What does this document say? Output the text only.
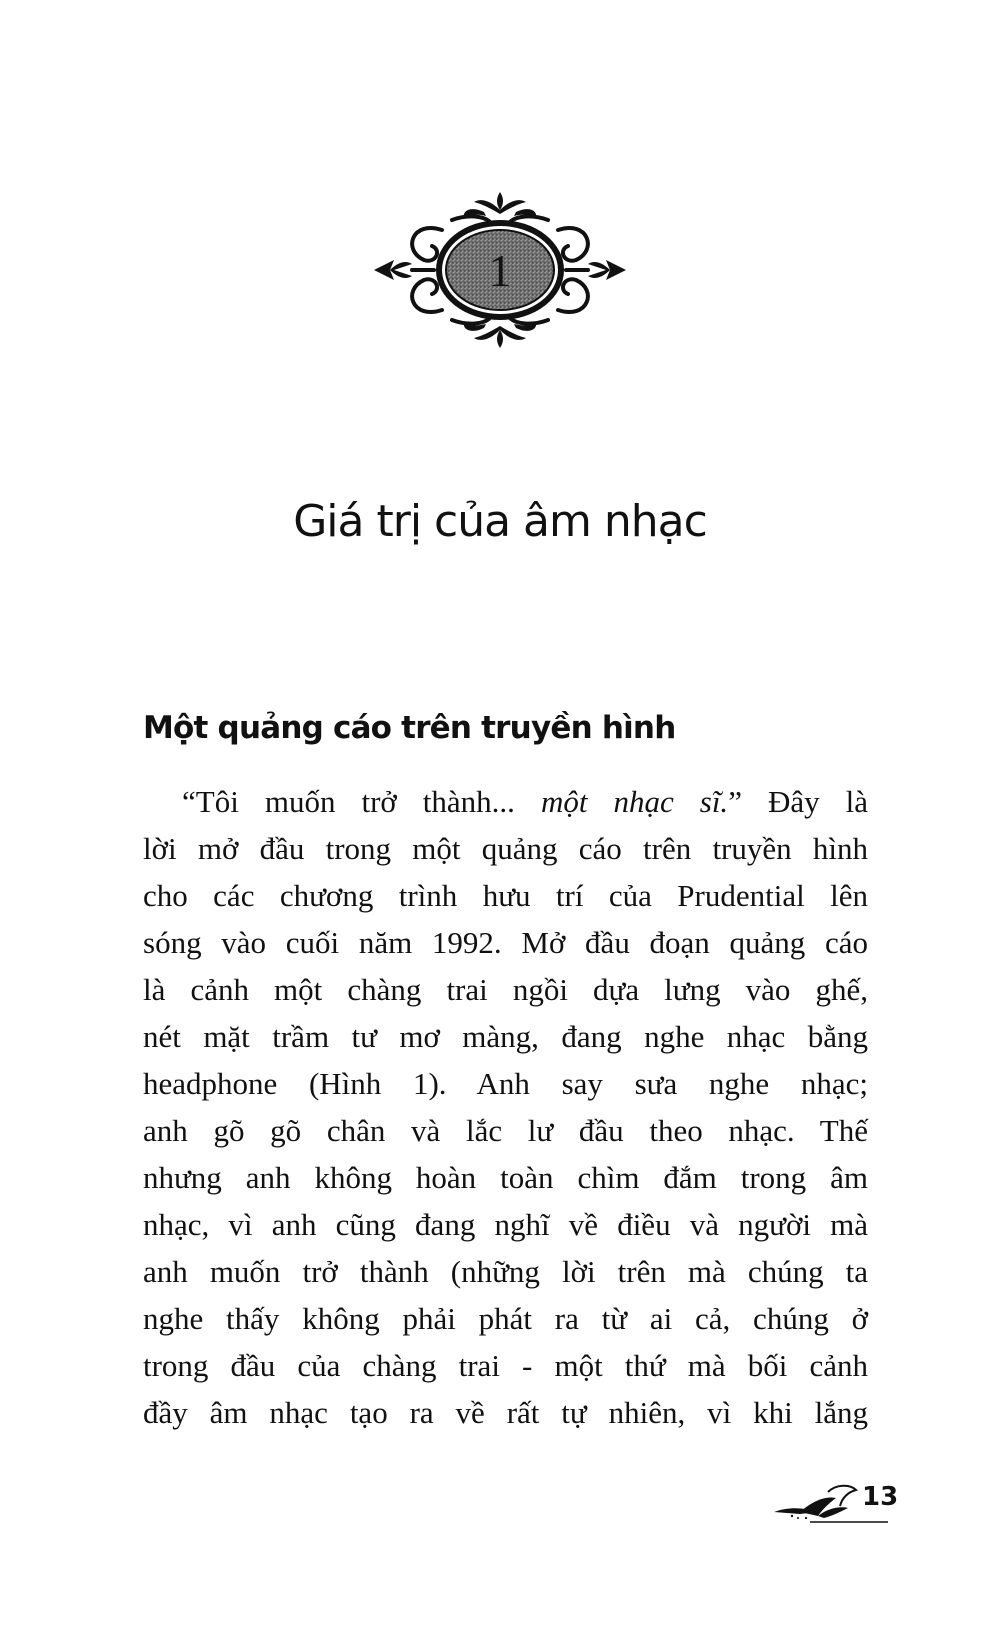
1
Giá trị của âm nhạc
Một quảng cáo trên truyền hình
“Tôi muốn trở thành... một nhạc sĩ.” Đây là
lời mở đầu trong một quảng cáo trên truyền hình
cho các chương trình hưu trí của Prudential lên
sóng vào cuối năm 1992. Mở đầu đoạn quảng cáo
là cảnh một chàng trai ngồi dựa lưng vào ghế,
nét mặt trầm tư mơ màng, đang nghe nhạc bằng
headphone (Hình 1). Anh say sưa nghe nhạc;
anh gõ gõ chân và lắc lư đầu theo nhạc. Thế
nhưng anh không hoàn toàn chìm đắm trong âm
nhạc, vì anh cũng đang nghĩ về điều và người mà
anh muốn trở thành (những lời trên mà chúng ta
nghe thấy không phải phát ra từ ai cả, chúng ở
trong đầu của chàng trai - một thứ mà bối cảnh
đầy âm nhạc tạo ra về rất tự nhiên, vì khi lắng
13
